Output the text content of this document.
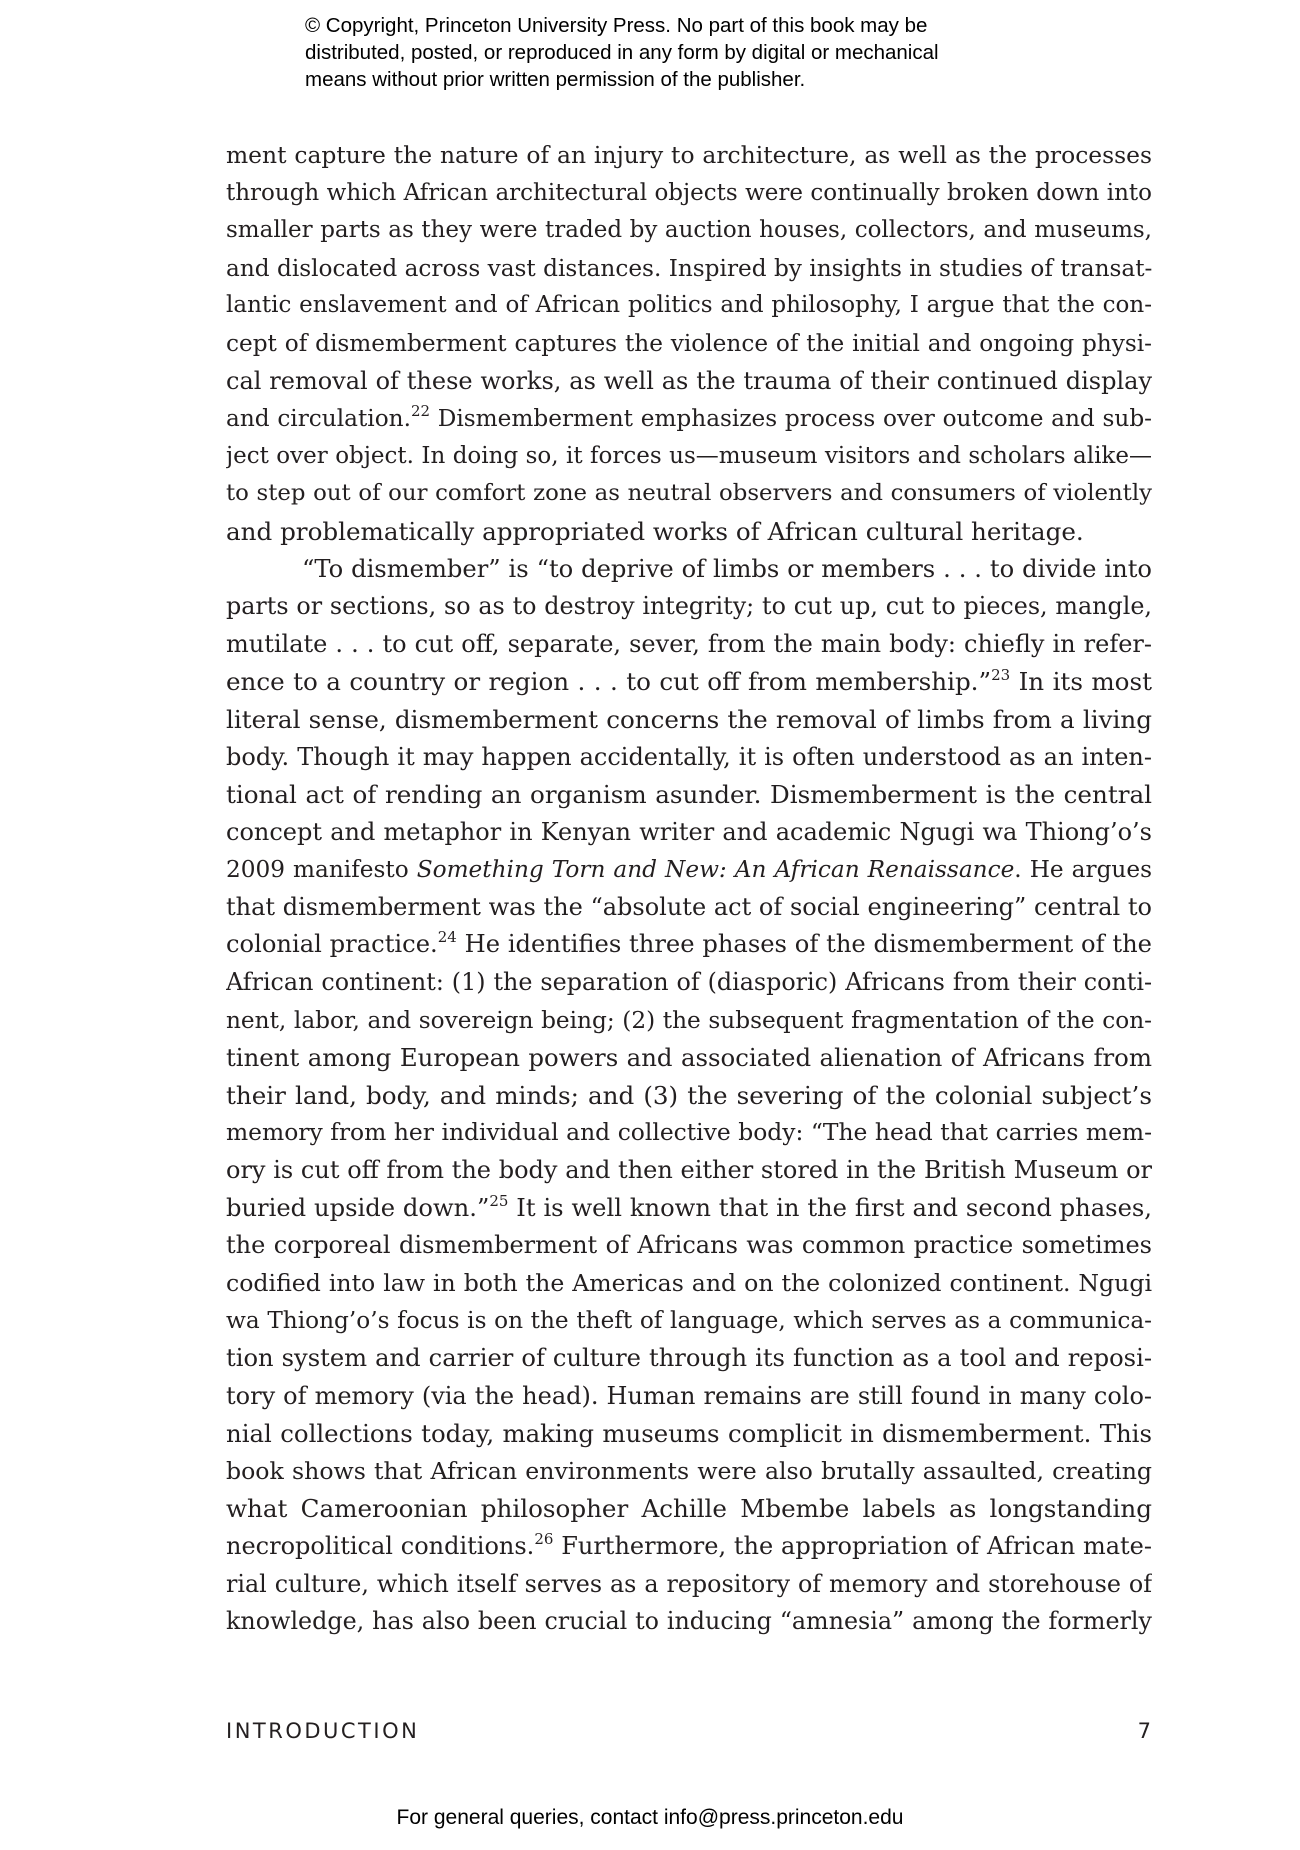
© Copyright, Princeton University Press. No part of this book may be
distributed, posted, or reproduced in any form by digital or mechanical
means without prior written permission of the publisher.
ment capture the nature of an injury to architecture, as well as the processes
through which African architectural objects were continually broken down into
smaller parts as they were traded by auction houses, collectors, and museums,
and dislocated across vast distances. Inspired by insights in studies of transat-
lantic enslavement and of African politics and philosophy, I argue that the con-
cept of dismemberment captures the violence of the initial and ongoing physi-
cal removal of these works, as well as the trauma of their continued display
and circulation.$^{22}$ Dismemberment emphasizes process over outcome and sub-
ject over object. In doing so, it forces us—museum visitors and scholars alike—
to step out of our comfort zone as neutral observers and consumers of violently
and problematically appropriated works of African cultural heritage.
“To dismember” is “to deprive of limbs or members . . . to divide into
parts or sections, so as to destroy integrity; to cut up, cut to pieces, mangle,
mutilate . . . to cut off, separate, sever, from the main body: chiefly in refer-
ence to a country or region . . . to cut off from membership.”$^{23}$ In its most
literal sense, dismemberment concerns the removal of limbs from a living
body. Though it may happen accidentally, it is often understood as an inten-
tional act of rending an organism asunder. Dismemberment is the central
concept and metaphor in Kenyan writer and academic Ngugi wa Thiong’o’s
2009 manifesto Something Torn and New: An African Renaissance. He argues
that dismemberment was the “absolute act of social engineering” central to
colonial practice.$^{24}$ He identifies three phases of the dismemberment of the
African continent: (1) the separation of (diasporic) Africans from their conti-
nent, labor, and sovereign being; (2) the subsequent fragmentation of the con-
tinent among European powers and associated alienation of Africans from
their land, body, and minds; and (3) the severing of the colonial subject’s
memory from her individual and collective body: “The head that carries mem-
ory is cut off from the body and then either stored in the British Museum or
buried upside down.”$^{25}$ It is well known that in the first and second phases,
the corporeal dismemberment of Africans was common practice sometimes
codified into law in both the Americas and on the colonized continent. Ngugi
wa Thiong’o’s focus is on the theft of language, which serves as a communica-
tion system and carrier of culture through its function as a tool and reposi-
tory of memory (via the head). Human remains are still found in many colo-
nial collections today, making museums complicit in dismemberment. This
book shows that African environments were also brutally assaulted, creating
what Cameroonian philosopher Achille Mbembe labels as longstanding
necropolitical conditions.$^{26}$ Furthermore, the appropriation of African mate-
rial culture, which itself serves as a repository of memory and storehouse of
knowledge, has also been crucial to inducing “amnesia” among the formerly
INTRODUCTION	7
For general queries, contact info@press.princeton.edu
